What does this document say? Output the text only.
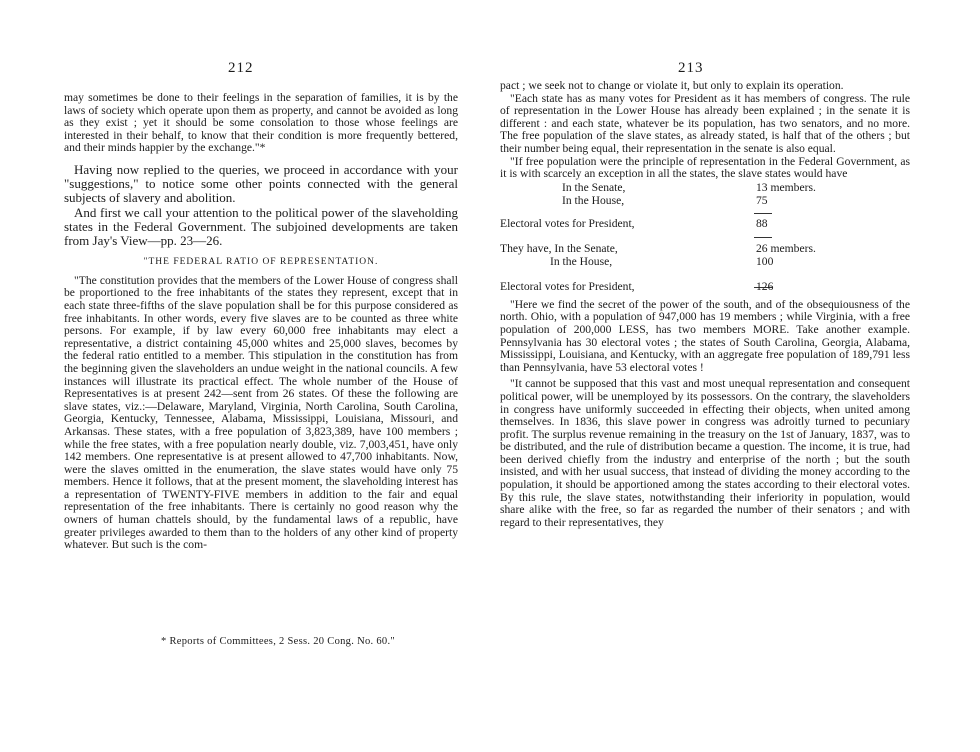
212

may sometimes be done to their feelings in the separation of families, it is by the laws of society which operate upon them as property, and cannot be avoided as long as they exist ; yet it should be some consolation to those whose feelings are interested in their behalf, to know that their condition is more frequently bettered, and their minds happier by the exchange."*

Having now replied to the queries, we proceed in accordance with your "suggestions," to notice some other points connected with the general subjects of slavery and abolition.

And first we call your attention to the political power of the slaveholding states in the Federal Government. The subjoined developments are taken from Jay's View—pp. 23—26.

"THE FEDERAL RATIO OF REPRESENTATION.

"The constitution provides that the members of the Lower House of congress shall be proportioned to the free inhabitants of the states they represent, except that in each state three-fifths of the slave population shall be for this purpose considered as free inhabitants. In other words, every five slaves are to be counted as three white persons. For example, if by law every 60,000 free inhabitants may elect a representative, a district containing 45,000 whites and 25,000 slaves, becomes by the federal ratio entitled to a member. This stipulation in the constitution has from the beginning given the slaveholders an undue weight in the national councils. A few instances will illustrate its practical effect. The whole number of the House of Representatives is at present 242—sent from 26 states. Of these the following are slave states, viz.:—Delaware, Maryland, Virginia, North Carolina, South Carolina, Georgia, Kentucky, Tennessee, Alabama, Mississippi, Louisiana, Missouri, and Arkansas. These states, with a free population of 3,823,389, have 100 members ; while the free states, with a free population nearly double, viz. 7,003,451, have only 142 members. One representative is at present allowed to 47,700 inhabitants. Now, were the slaves omitted in the enumeration, the slave states would have only 75 members. Hence it follows, that at the present moment, the slaveholding interest has a representation of TWENTY-FIVE members in addition to the fair and equal representation of the free inhabitants. There is certainly no good reason why the owners of human chattels should, by the fundamental laws of a republic, have greater privileges awarded to them than to the holders of any other kind of property whatever. But such is the com-

* Reports of Committees, 2 Sess. 20 Cong. No. 60."
213

pact ; we seek not to change or violate it, but only to explain its operation.

"Each state has as many votes for President as it has members of congress. The rule of representation in the Lower House has already been explained ; in the senate it is different : and each state, whatever be its population, has two senators, and no more. The free population of the slave states, as already stated, is half that of the others ; but their number being equal, their representation in the senate is also equal.

"If free population were the principle of representation in the Federal Government, as it is with scarcely an exception in all the states, the slave states would have

In the Senate,	13 members.
In the House,	75
Electoral votes for President,	88
They have, In the Senate,	26 members.
In the House,	100
Electoral votes for President,	126

"Here we find the secret of the power of the south, and of the obsequiousness of the north. Ohio, with a population of 947,000 has 19 members ; while Virginia, with a free population of 200,000 LESS, has two members MORE. Take another example. Pennsylvania has 30 electoral votes ; the states of South Carolina, Georgia, Alabama, Mississippi, Louisiana, and Kentucky, with an aggregate free population of 189,791 less than Pennsylvania, have 53 electoral votes !

"It cannot be supposed that this vast and most unequal representation and consequent political power, will be unemployed by its possessors. On the contrary, the slaveholders in congress have uniformly succeeded in effecting their objects, when united among themselves. In 1836, this slave power in congress was adroitly turned to pecuniary profit. The surplus revenue remaining in the treasury on the 1st of January, 1837, was to be distributed, and the rule of distribution became a question. The income, it is true, had been derived chiefly from the industry and enterprise of the north ; but the south insisted, and with her usual success, that instead of dividing the money according to the population, it should be apportioned among the states according to their electoral votes. By this rule, the slave states, notwithstanding their inferiority in population, would share alike with the free, so far as regarded the number of their senators ; and with regard to their representatives, they
